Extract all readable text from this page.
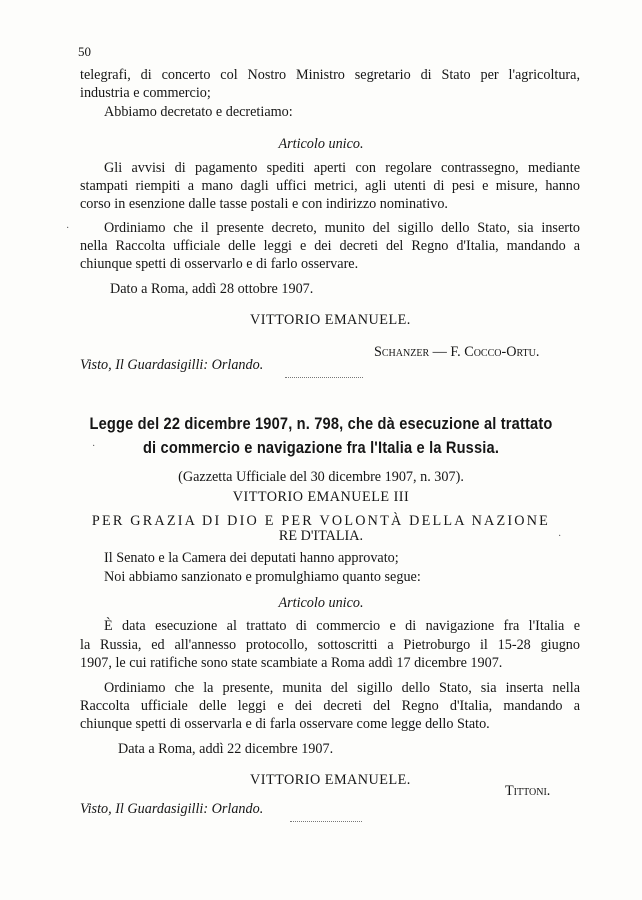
50

telegrafi, di concerto col Nostro Ministro segretario di Stato per l'agricoltura,

industria e commercio;

Abbiamo decretato e decretiamo:

Articolo unico.

Gli avvisi di pagamento spediti aperti con regolare contrassegno, mediante

stampati riempiti a mano dagli uffici metrici, agli utenti di pesi e misure, hanno

corso in esenzione dalle tasse postali e con indirizzo nominativo.

Ordiniamo che il presente decreto, munito del sigillo dello Stato, sia inserto

nella Raccolta ufficiale delle leggi e dei decreti del Regno d'Italia, mandando a

chiunque spetti di osservarlo e di farlo osservare.

Dato a Roma, addì 28 ottobre 1907.

VITTORIO EMANUELE.

Schanzer — F. Cocco-Ortu.

Visto, Il Guardasigilli: Orlando.

Legge del 22 dicembre 1907, n. 798, che dà esecuzione al trattato

di commercio e navigazione fra l'Italia e la Russia.

(Gazzetta Ufficiale del 30 dicembre 1907, n. 307).

VITTORIO EMANUELE III

PER GRAZIA DI DIO E PER VOLONTÀ DELLA NAZIONE

RE D'ITALIA.

Il Senato e la Camera dei deputati hanno approvato;

Noi abbiamo sanzionato e promulghiamo quanto segue:

Articolo unico.

È data esecuzione al trattato di commercio e di navigazione fra l'Italia e

la Russia, ed all'annesso protocollo, sottoscritti a Pietroburgo il 15-28 giugno

1907, le cui ratifiche sono state scambiate a Roma addì 17 dicembre 1907.

Ordiniamo che la presente, munita del sigillo dello Stato, sia inserta nella

Raccolta ufficiale delle leggi e dei decreti del Regno d'Italia, mandando a

chiunque spetti di osservarla e di farla osservare come legge dello Stato.

Data a Roma, addì 22 dicembre 1907.

VITTORIO EMANUELE.

Tittoni.

Visto, Il Guardasigilli: Orlando.

·
·
·
